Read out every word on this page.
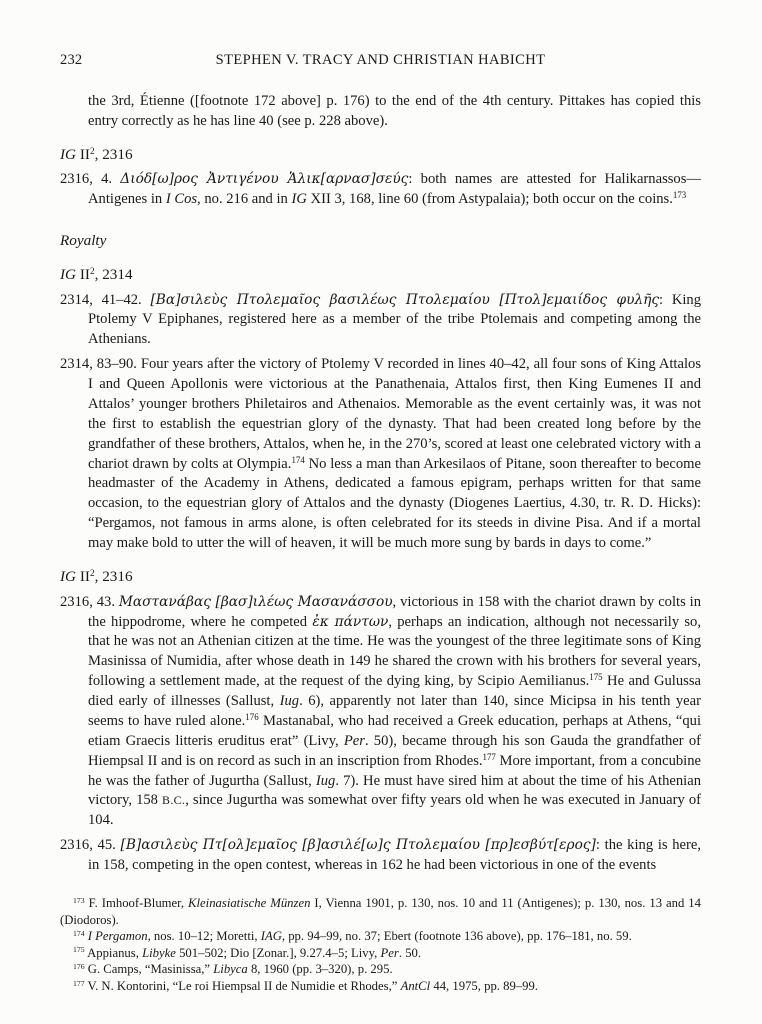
232	STEPHEN V. TRACY AND CHRISTIAN HABICHT

the 3rd, Étienne ([footnote 172 above] p. 176) to the end of the 4th century. Pittakes has copied this entry correctly as he has line 40 (see p. 228 above).

IG $II^2$, 2316

2316, 4. Διόδ[ω]ρος Ἀντιγένου Ἁλικ[αρνασ]σεύς: both names are attested for Halikarnassos—Antigenes in I Cos, no. 216 and in IG XII 3, 168, line 60 (from Astypalaia); both occur on the coins.$^{173}$

Royalty

IG $II^2$, 2314

2314, 41–42. [Βα]σιλεὺς Πτολεμαῖος βασιλέως Πτολεμαίου [Πτολ]εμαιίδος φυλῆς: King Ptolemy V Epiphanes, registered here as a member of the tribe Ptolemais and competing among the Athenians.

2314, 83–90. Four years after the victory of Ptolemy V recorded in lines 40–42, all four sons of King Attalos I and Queen Apollonis were victorious at the Panathenaia, Attalos first, then King Eumenes II and Attalos’ younger brothers Philetairos and Athenaios. Memorable as the event certainly was, it was not the first to establish the equestrian glory of the dynasty. That had been created long before by the grandfather of these brothers, Attalos, when he, in the 270’s, scored at least one celebrated victory with a chariot drawn by colts at Olympia.$^{174}$ No less a man than Arkesilaos of Pitane, soon thereafter to become headmaster of the Academy in Athens, dedicated a famous epigram, perhaps written for that same occasion, to the equestrian glory of Attalos and the dynasty (Diogenes Laertius, 4.30, tr. R. D. Hicks): “Pergamos, not famous in arms alone, is often celebrated for its steeds in divine Pisa. And if a mortal may make bold to utter the will of heaven, it will be much more sung by bards in days to come.”

IG $II^2$, 2316

2316, 43. Μαστανάβας [βασ]ιλέως Μασανάσσου, victorious in 158 with the chariot drawn by colts in the hippodrome, where he competed ἐκ πάντων, perhaps an indication, although not necessarily so, that he was not an Athenian citizen at the time. He was the youngest of the three legitimate sons of King Masinissa of Numidia, after whose death in 149 he shared the crown with his brothers for several years, following a settlement made, at the request of the dying king, by Scipio Aemilianus.$^{175}$ He and Gulussa died early of illnesses (Sallust, Iug. 6), apparently not later than 140, since Micipsa in his tenth year seems to have ruled alone.$^{176}$ Mastanabal, who had received a Greek education, perhaps at Athens, “qui etiam Graecis litteris eruditus erat” (Livy, Per. 50), became through his son Gauda the grandfather of Hiempsal II and is on record as such in an inscription from Rhodes.$^{177}$ More important, from a concubine he was the father of Jugurtha (Sallust, Iug. 7). He must have sired him at about the time of his Athenian victory, 158 B.C., since Jugurtha was somewhat over fifty years old when he was executed in January of 104.

2316, 45. [Β]ασιλεὺς Πτ[ολ]εμαῖος [β]ασιλέ[ω]ς Πτολεμαίου [πρ]εσβύτ[ερος]: the king is here, in 158, competing in the open contest, whereas in 162 he had been victorious in one of the events

$^{173}$ F. Imhoof-Blumer, Kleinasiatische Münzen I, Vienna 1901, p. 130, nos. 10 and 11 (Antigenes); p. 130, nos. 13 and 14 (Diodoros).

$^{174}$ I Pergamon, nos. 10–12; Moretti, IAG, pp. 94–99, no. 37; Ebert (footnote 136 above), pp. 176–181, no. 59.

$^{175}$ Appianus, Libyke 501–502; Dio [Zonar.], 9.27.4–5; Livy, Per. 50.

$^{176}$ G. Camps, “Masinissa,” Libyca 8, 1960 (pp. 3–320), p. 295.

$^{177}$ V. N. Kontorini, “Le roi Hiempsal II de Numidie et Rhodes,” AntCl 44, 1975, pp. 89–99.
